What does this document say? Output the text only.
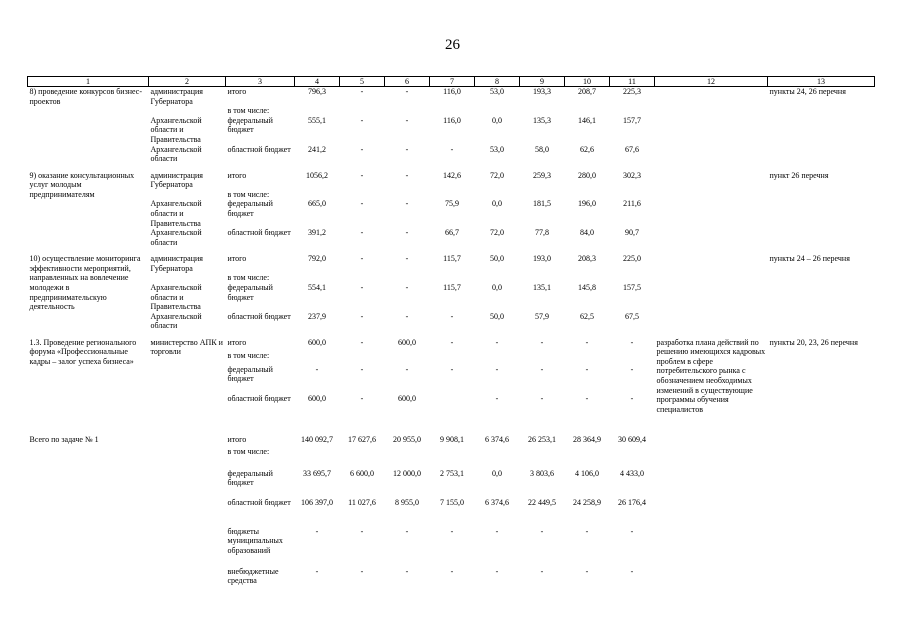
26
1	2	3	4	5	6	7	8	9	10	11	12	13
8) проведение конкурсов бизнес-проектов	администрация Губернатора	итого	796,3	-	-	116,0	53,0	193,3	208,7	225,3		пункты 24, 26 перечня
		в том числе:										
	Архангельской области и Правительства	федеральный бюджет	555,1	-	-	116,0	0,0	135,3	146,1	157,7		
	Архангельской области	областной бюджет	241,2	-	-	-	53,0	58,0	62,6	67,6		
9) оказание консультационных услуг молодым предпринимателям	администрация Губернатора	итого	1056,2	-	-	142,6	72,0	259,3	280,0	302,3		пункт 26 перечня
		в том числе:										
	Архангельской области и Правительства	федеральный бюджет	665,0	-	-	75,9	0,0	181,5	196,0	211,6		
	Архангельской области	областной бюджет	391,2	-	-	66,7	72,0	77,8	84,0	90,7		
10) осуществление мониторинга эффективности мероприятий, направленных на вовлечение молодежи в предпринимательскую деятельность	администрация Губернатора	итого	792,0	-	-	115,7	50,0	193,0	208,3	225,0		пункты 24 – 26 перечня
		в том числе:										
	Архангельской области и Правительства	федеральный бюджет	554,1	-	-	115,7	0,0	135,1	145,8	157,5		
	Архангельской области	областной бюджет	237,9	-	-	-	50,0	57,9	62,5	67,5		
1.3. Проведение регионального форума «Профессиональные кадры – залог успеха бизнеса»	министерство АПК и торговли	итого	600,0	-	600,0	-	-	-	-	-	разработка плана действий по решению имеющихся кадровых проблем в сфере потребительского рынка с обозначением необходимых изменений в существующие программы обучения специалистов	пункты 20, 23, 26 перечня
		в том числе:										
		федеральный бюджет	-	-	-	-	-	-	-	-		
		областной бюджет	600,0	-	600,0		-	-	-	-		
Всего по задаче № 1		итого	140 092,7	17 627,6	20 955,0	9 908,1	6 374,6	26 253,1	28 364,9	30 609,4		
		в том числе:										
		федеральный бюджет	33 695,7	6 600,0	12 000,0	2 753,1	0,0	3 803,6	4 106,0	4 433,0		
		областной бюджет	106 397,0	11 027,6	8 955,0	7 155,0	6 374,6	22 449,5	24 258,9	26 176,4		
		бюджеты муниципальных образований	-	-	-	-	-	-	-	-		
		внебюджетные средства	-	-	-	-	-	-	-	-		
